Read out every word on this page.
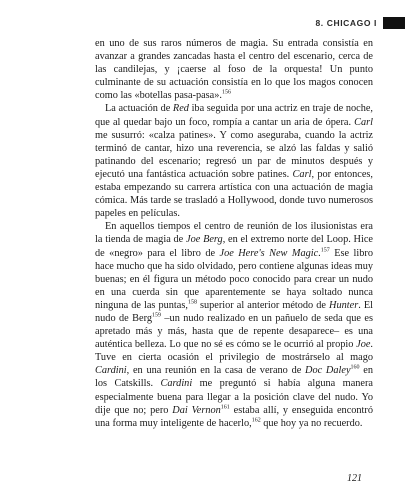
8. CHICAGO I

en uno de sus raros números de magia. Su entrada consistía en avanzar a grandes zancadas hasta el centro del escenario, cerca de las candilejas, y ¡caerse al foso de la orquesta! Un punto culminante de su actuación consistía en lo que los magos conocen como las «botellas pasa-pasa».$^{156}$

La actuación de Red iba seguida por una actriz en traje de noche, que al quedar bajo un foco, rompía a cantar un aria de ópera. Carl me susurró: «calza patines». Y como aseguraba, cuando la actriz terminó de cantar, hizo una reverencia, se alzó las faldas y salió patinando del escenario; regresó un par de minutos después y ejecutó una fantástica actuación sobre patines. Carl, por entonces, estaba empezando su carrera artística con una actuación de magia cómica. Más tarde se trasladó a Hollywood, donde tuvo numerosos papeles en películas.

En aquellos tiempos el centro de reunión de los ilusionistas era la tienda de magia de Joe Berg, en el extremo norte del Loop. Hice de «negro» para el libro de Joe Here's New Magic.$^{157}$ Ese libro hace mucho que ha sido olvidado, pero contiene algunas ideas muy buenas; en él figura un método poco conocido para crear un nudo en una cuerda sin que aparentemente se haya soltado nunca ninguna de las puntas,$^{158}$ superior al anterior método de Hunter. El nudo de Berg$^{159}$ –un nudo realizado en un pañuelo de seda que es apretado más y más, hasta que de repente desaparece– es una auténtica belleza. Lo que no sé es cómo se le ocurrió al propio Joe. Tuve en cierta ocasión el privilegio de mostrárselo al mago Cardini, en una reunión en la casa de verano de Doc Daley$^{160}$ en los Catskills. Cardini me preguntó si había alguna manera especialmente buena para llegar a la posición clave del nudo. Yo dije que no; pero Dai Vernon$^{161}$ estaba allí, y enseguida encontró una forma muy inteligente de hacerlo,$^{162}$ que hoy ya no recuerdo.

121
